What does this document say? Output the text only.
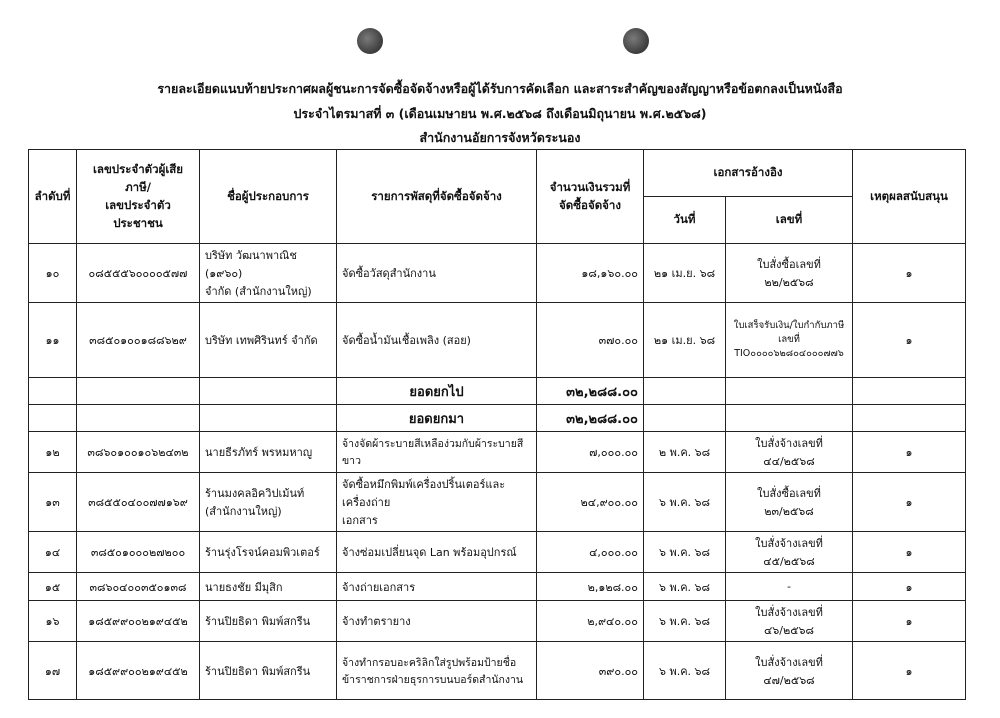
รายละเอียดแนบท้ายประกาศผลผู้ชนะการจัดซื้อจัดจ้างหรือผู้ได้รับการคัดเลือก และสาระสำคัญของสัญญาหรือข้อตกลงเป็นหนังสือ
ประจำไตรมาสที่ ๓ (เดือนเมษายน พ.ศ.๒๕๖๘ ถึงเดือนมิถุนายน พ.ศ.๒๕๖๘)
สำนักงานอัยการจังหวัดระนอง
ลำดับที่	เลขประจำตัวผู้เสียภาษี/
เลขประจำตัวประชาชน	ชื่อผู้ประกอบการ	รายการพัสดุที่จัดซื้อจัดจ้าง	จำนวนเงินรวมที่
จัดซื้อจัดจ้าง	เอกสารอ้างอิง		เหตุผลสนับสนุน
					วันที่	เลขที่	
๑๐	๐๘๕๕๕๖๐๐๐๐๕๗๗	บริษัท วัฒนาพาณิช (๑๙๖๐)
จำกัด (สำนักงานใหญ่)	จัดซื้อวัสดุสำนักงาน	๑๘,๑๖๐.๐๐	๒๑ เม.ย. ๖๘	ใบสั่งซื้อเลขที่ ๒๒/๒๕๖๘	๑
๑๑	๓๘๕๐๑๐๐๑๘๘๖๒๙	บริษัท เทพศิรินทร์ จำกัด	จัดซื้อน้ำมันเชื้อเพลิง (สอย)	๓๗๐.๐๐	๒๑ เม.ย. ๖๘	ใบเสร็จรับเงิน/ใบกำกับภาษี
เลขที่
TIO๐๐๐๐๖๒๘๐๔๐๐๐๗๗๖	๑
			ยอดยกไป	๓๒,๒๘๘.๐๐			
			ยอดยกมา	๓๒,๒๘๘.๐๐			
๑๒	๓๘๖๐๑๐๐๑๐๖๒๔๓๒	นายธีรภัทร์ พรหมหาญู	จ้างจัดผ้าระบายสีเหลือง่วมกับผ้าระบายสีขาว	๗,๐๐๐.๐๐	๒ พ.ค. ๖๘	ใบสั่งจ้างเลขที่ ๔๔/๒๕๖๘	๑
๑๓	๓๘๕๕๐๔๐๐๗๗๑๖๙	ร้านมงคลอิควิปเม้นท์
(สำนักงานใหญ่)	จัดซื้อหมึกพิมพ์เครื่องปริ้นเตอร์และเครื่องถ่าย
เอกสาร	๒๔,๙๐๐.๐๐	๖ พ.ค. ๖๘	ใบสั่งซื้อเลขที่ ๒๓/๒๕๖๘	๑
๑๔	๓๘๕๐๑๐๐๐๒๗๒๐๐	ร้านรุ่งโรจน์คอมพิวเตอร์	จ้างซ่อมเปลี่ยนจุด Lan พร้อมอุปกรณ์	๔,๐๐๐.๐๐	๖ พ.ค. ๖๘	ใบสั่งจ้างเลขที่ ๔๕/๒๕๖๘	๑
๑๕	๓๘๖๐๔๐๐๓๕๐๑๓๘	นายธงชัย มีมุสิก	จ้างถ่ายเอกสาร	๒,๑๒๘.๐๐	๖ พ.ค. ๖๘	-	๑
๑๖	๑๘๕๙๙๐๐๒๑๙๔๕๒	ร้านปิยธิดา พิมพ์สกรีน	จ้างทำตรายาง	๒,๙๔๐.๐๐	๖ พ.ค. ๖๘	ใบสั่งจ้างเลขที่ ๔๖/๒๕๖๘	๑
๑๗	๑๘๕๙๙๐๐๒๑๙๔๕๒	ร้านปิยธิดา พิมพ์สกรีน	จ้างทำกรอบอะคริลิกใส่รูปพร้อมป้ายชื่อ
ข้าราชการฝ่ายธุรการบนบอร์ดสำนักงาน	๓๙๐.๐๐	๖ พ.ค. ๖๘	ใบสั่งจ้างเลขที่ ๔๗/๒๕๖๘	๑
